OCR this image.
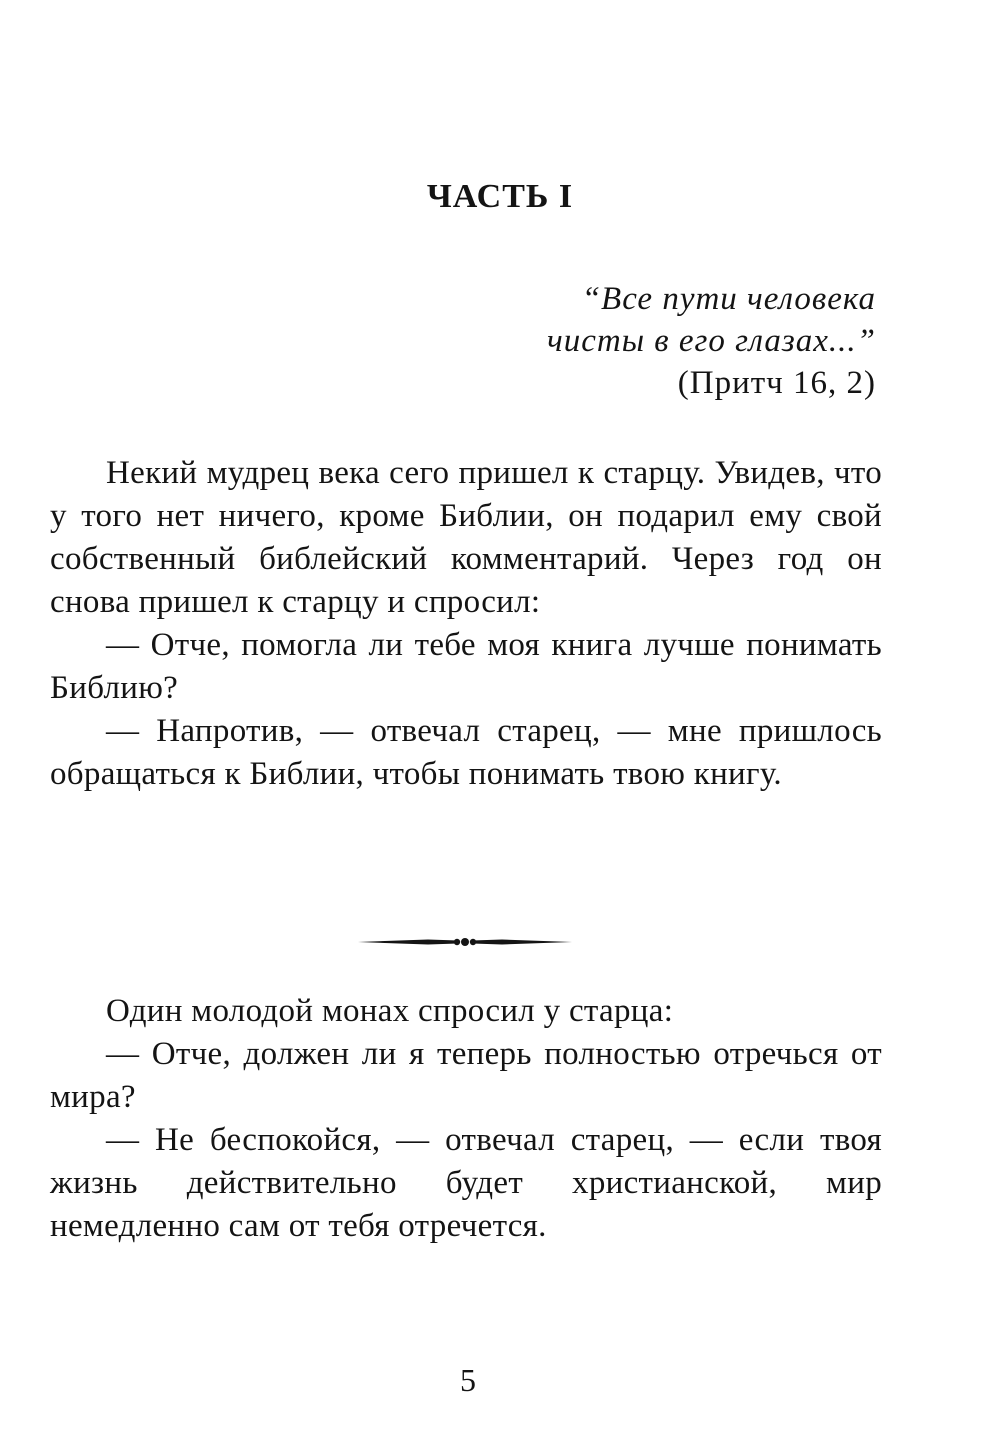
ЧАСТЬ I
“Все пути человека
чисты в его глазах...”
(Притч 16, 2)

Некий мудрец века сего пришел к старцу. Увидев, что у того нет ничего, кроме Библии, он подарил ему свой собственный библейский комментарий. Через год он снова пришел к старцу и спросил:

— Отче, помогла ли тебе моя книга лучше понимать Библию?

— Напротив, — отвечал старец, — мне пришлось обращаться к Библии, чтобы понимать твою книгу.

Один молодой монах спросил у старца:

— Отче, должен ли я теперь полностью отречься от мира?

— Не беспокойся, — отвечал старец, — если твоя жизнь действительно будет христианской, мир немедленно сам от тебя отречется.

5
